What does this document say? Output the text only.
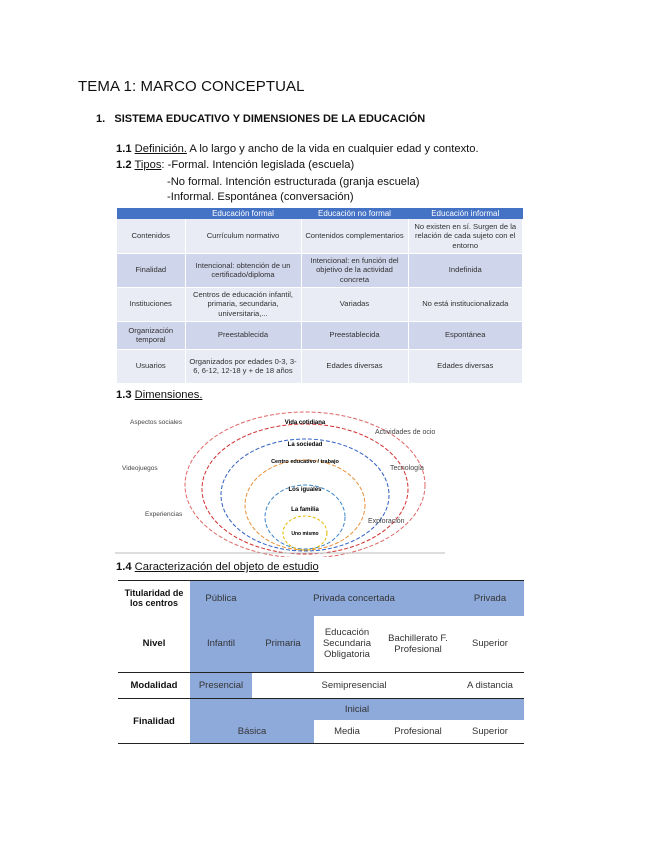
TEMA 1: MARCO CONCEPTUAL
1. SISTEMA EDUCATIVO Y DIMENSIONES DE LA EDUCACIÓN
1.1 Definición. A lo largo y ancho de la vida en cualquier edad y contexto.
1.2 Tipos: -Formal. Intención legislada (escuela)
-No formal. Intención estructurada (granja escuela)
-Informal. Espontánea (conversación)
	Educación formal	Educación no formal	Educación informal
Contenidos	Currículum normativo	Contenidos complementarios	No existen en sí. Surgen de la relación de cada sujeto con el entorno
Finalidad	Intencional: obtención de un certificado/diploma	Intencional: en función del objetivo de la actividad concreta	Indefinida
Instituciones	Centros de educación infantil, primaria, secundaria, universitaria,...	Variadas	No está institucionalizada
Organización temporal	Preestablecida	Preestablecida	Espontánea
Usuarios	Organizados por edades 0-3, 3-6, 6-12, 12-18 y + de 18 años	Edades diversas	Edades diversas
1.3 Dimensiones.
Vida cotidiana
La sociedad
Centro educativo / trabajo
Los iguales
La familia
Uno mismo
Aspectos sociales
Actividades de ocio
Videojuegos	Tecnología
Experiencias
Exploración
1.4 Caracterización del objeto de estudio
Titularidad de los centros	Pública	Privada concertada			Privada
Nivel	Infantil	Primaria	Educación Secundaria Obligatoria	Bachillerato F. Profesional	Superior
Modalidad	Presencial	Semipresencial			A distancia
Finalidad	Inicial				
	Básica		Media	Profesional	Superior
